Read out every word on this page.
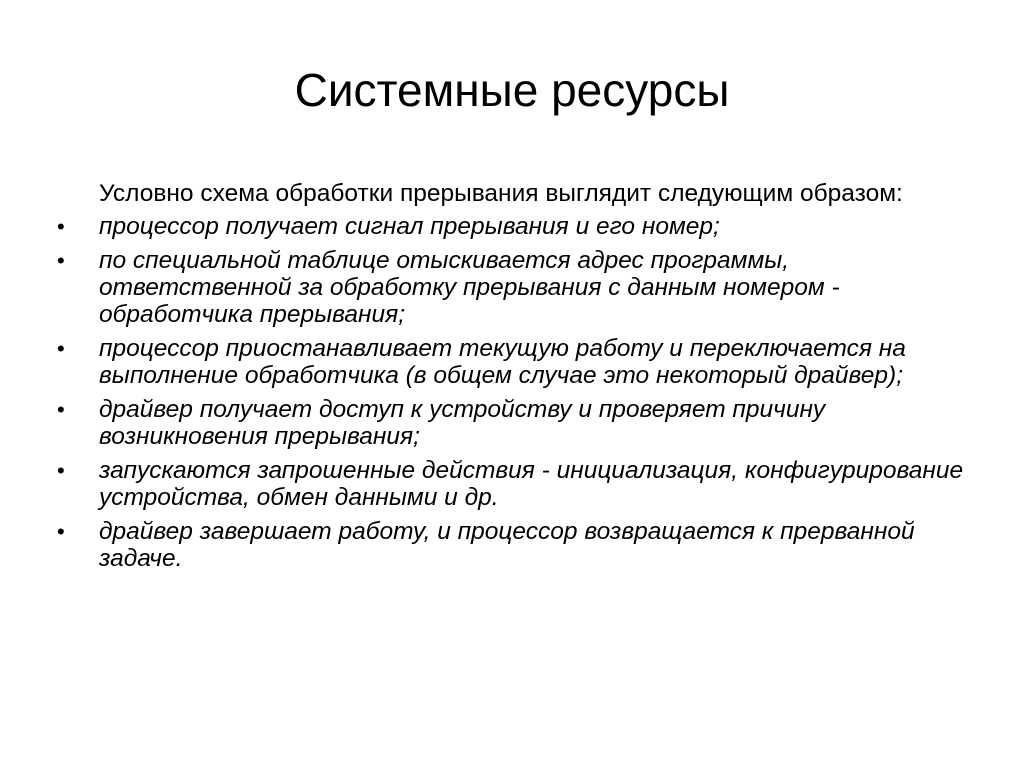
Системные ресурсы

Условно схема обработки прерывания выглядит следующим образом:

• процессор получает сигнал прерывания и его номер;
• по специальной таблице отыскивается адрес программы, ответственной за обработку прерывания с данным номером - обработчика прерывания;
• процессор приостанавливает текущую работу и переключается на выполнение обработчика (в общем случае это некоторый драйвер);
• драйвер получает доступ к устройству и проверяет причину возникновения прерывания;
• запускаются запрошенные действия - инициализация, конфигурирование устройства, обмен данными и др.
• драйвер завершает работу, и процессор возвращается к прерванной задаче.
